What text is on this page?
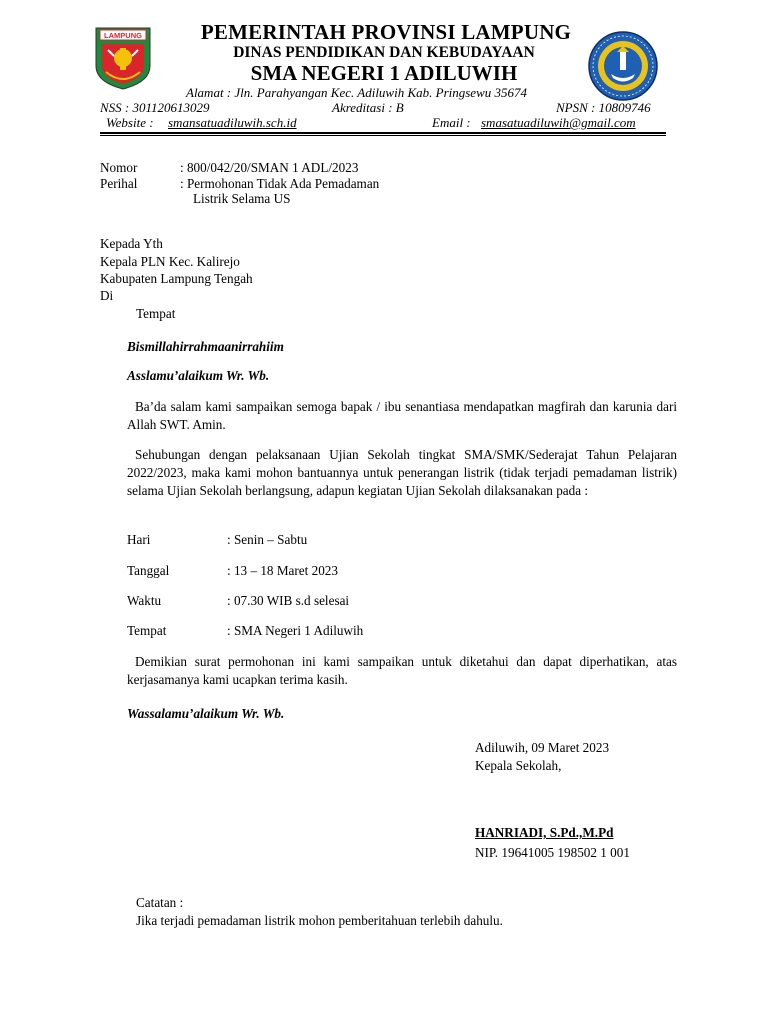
LAMPUNG	PEMERINTAH PROVINSI LAMPUNG
DINAS PENDIDIKAN DAN KEBUDAYAAN
SMA NEGERI 1 ADILUWIH
Alamat : Jln. Parahyangan Kec. Adiluwih Kab. Pringsewu 35674
NSS : 301120613029	Akreditasi : B	NPSN : 10809746
Website : smansatuadiluwih.sch.id	Email : smasatuadiluwih@gmail.com
Nomor	: 800/042/20/SMAN 1 ADL/2023
Perihal	: Permohonan Tidak Ada Pemadaman
Listrik Selama US
Kepada Yth
Kepala PLN Kec. Kalirejo
Kabupaten Lampung Tengah
Di
Tempat
Bismillahirrahmaanirrahiim
Asslamu’alaikum Wr. Wb.
Ba’da salam kami sampaikan semoga bapak / ibu senantiasa mendapatkan magfirah dan karunia dari Allah SWT. Amin.
Sehubungan dengan pelaksanaan Ujian Sekolah tingkat SMA/SMK/Sederajat Tahun Pelajaran 2022/2023, maka kami mohon bantuannya untuk penerangan listrik (tidak terjadi pemadaman listrik) selama Ujian Sekolah berlangsung, adapun kegiatan Ujian Sekolah dilaksanakan pada :
Hari	: Senin – Sabtu
Tanggal	: 13 – 18 Maret 2023
Waktu	: 07.30 WIB s.d selesai
Tempat	: SMA Negeri 1 Adiluwih
Demikian surat permohonan ini kami sampaikan untuk diketahui dan dapat diperhatikan, atas kerjasamanya kami ucapkan terima kasih.
Wassalamu’alaikum Wr. Wb.
Adiluwih, 09 Maret 2023
Kepala Sekolah,
HANRIADI, S.Pd.,M.Pd
NIP. 19641005 198502 1 001
Catatan :
Jika terjadi pemadaman listrik mohon pemberitahuan terlebih dahulu.
